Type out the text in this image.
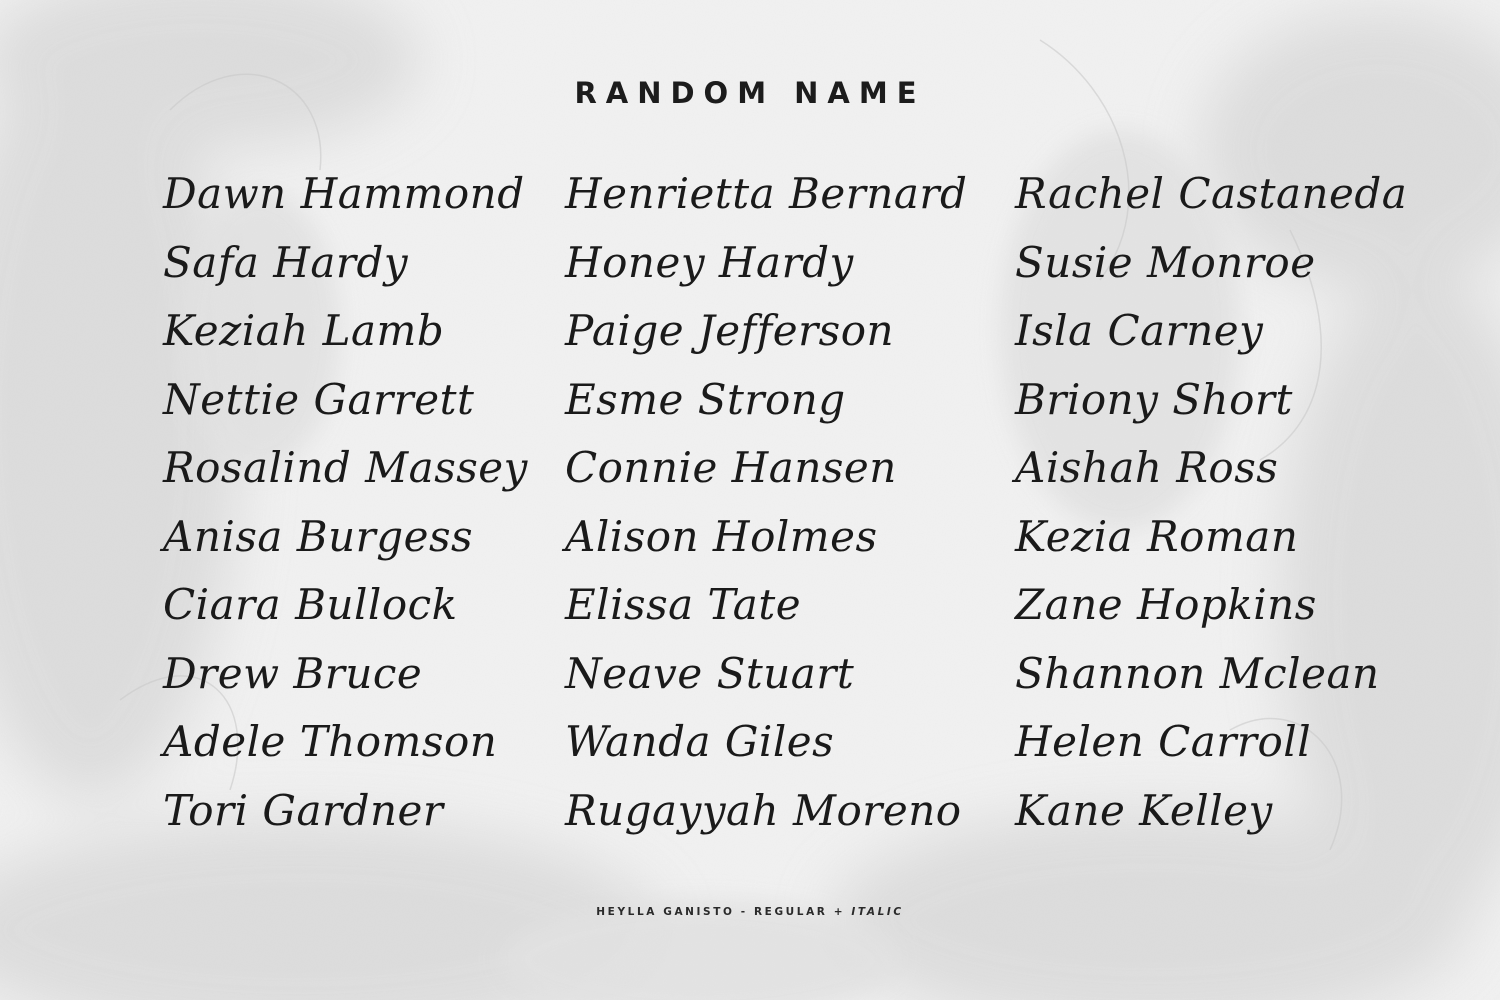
RANDOM NAME
Dawn Hammond
Safa Hardy
Keziah Lamb
Nettie Garrett
Rosalind Massey
Anisa Burgess
Ciara Bullock
Drew Bruce
Adele Thomson
Tori Gardner
Henrietta Bernard
Honey Hardy
Paige Jefferson
Esme Strong
Connie Hansen
Alison Holmes
Elissa Tate
Neave Stuart
Wanda Giles
Rugayyah Moreno
Rachel Castaneda
Susie Monroe
Isla Carney
Briony Short
Aishah Ross
Kezia Roman
Zane Hopkins
Shannon Mclean
Helen Carroll
Kane Kelley
HEYLLA GANISTO - REGULAR + ITALIC
